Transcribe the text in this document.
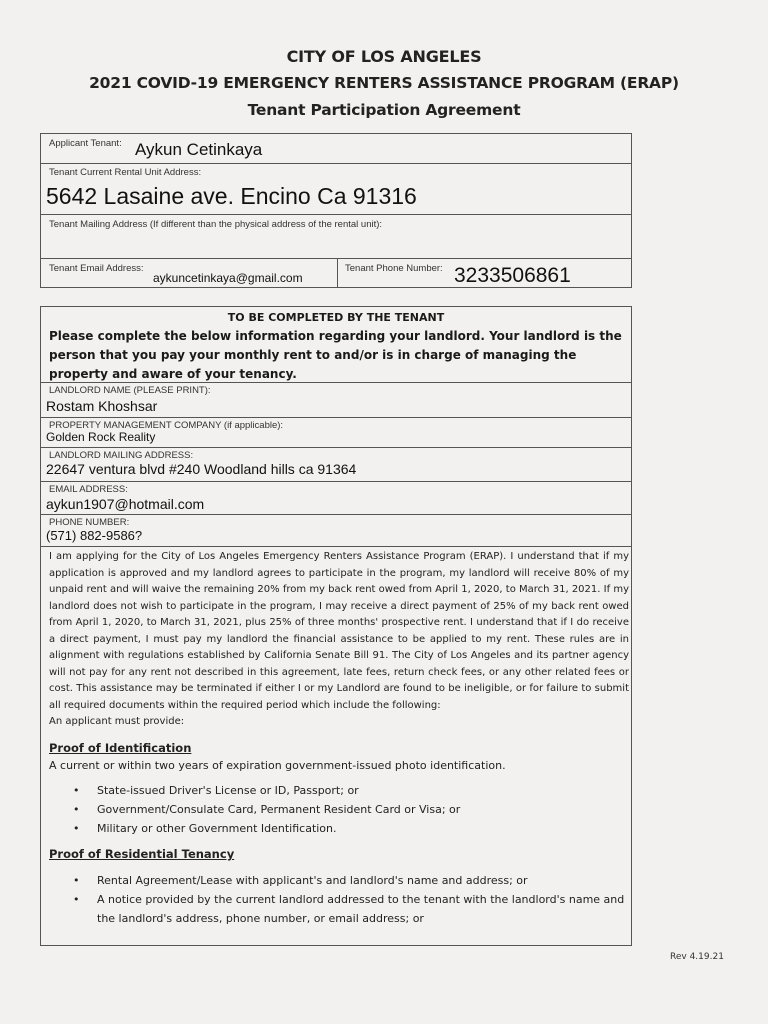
CITY OF LOS ANGELES
2021 COVID-19 EMERGENCY RENTERS ASSISTANCE PROGRAM (ERAP)
Tenant Participation Agreement
Applicant Tenant: Aykun Cetinkaya
Tenant Current Rental Unit Address:
5642 Lasaine ave. Encino Ca 91316
Tenant Mailing Address (If different than the physical address of the rental unit):
Tenant Email Address:
aykuncetinkaya@gmail.com
Tenant Phone Number: 3233506861
TO BE COMPLETED BY THE TENANT
Please complete the below information regarding your landlord. Your landlord is the person that you pay your monthly rent to and/or is in charge of managing the property and aware of your tenancy.
LANDLORD NAME (PLEASE PRINT):
Rostam Khoshsar
PROPERTY MANAGEMENT COMPANY (if applicable):
Golden Rock Reality
LANDLORD MAILING ADDRESS:
22647 ventura blvd #240 Woodland hills ca 91364
EMAIL ADDRESS:
aykun1907@hotmail.com
PHONE NUMBER:
(571) 882-9586?
I am applying for the City of Los Angeles Emergency Renters Assistance Program (ERAP). I understand that if my application is approved and my landlord agrees to participate in the program, my landlord will receive 80% of my unpaid rent and will waive the remaining 20% from my back rent owed from April 1, 2020, to March 31, 2021. If my landlord does not wish to participate in the program, I may receive a direct payment of 25% of my back rent owed from April 1, 2020, to March 31, 2021, plus 25% of three months' prospective rent. I understand that if I do receive a direct payment, I must pay my landlord the financial assistance to be applied to my rent. These rules are in alignment with regulations established by California Senate Bill 91. The City of Los Angeles and its partner agency will not pay for any rent not described in this agreement, late fees, return check fees, or any other related fees or cost. This assistance may be terminated if either I or my Landlord are found to be ineligible, or for failure to submit all required documents within the required period which include the following:
An applicant must provide:
Proof of Identification
A current or within two years of expiration government-issued photo identification.
• State-issued Driver's License or ID, Passport; or
• Government/Consulate Card, Permanent Resident Card or Visa; or
• Military or other Government Identification.
Proof of Residential Tenancy
• Rental Agreement/Lease with applicant's and landlord's name and address; or
• A notice provided by the current landlord addressed to the tenant with the landlord's name and the landlord's address, phone number, or email address; or
Rev 4.19.21
